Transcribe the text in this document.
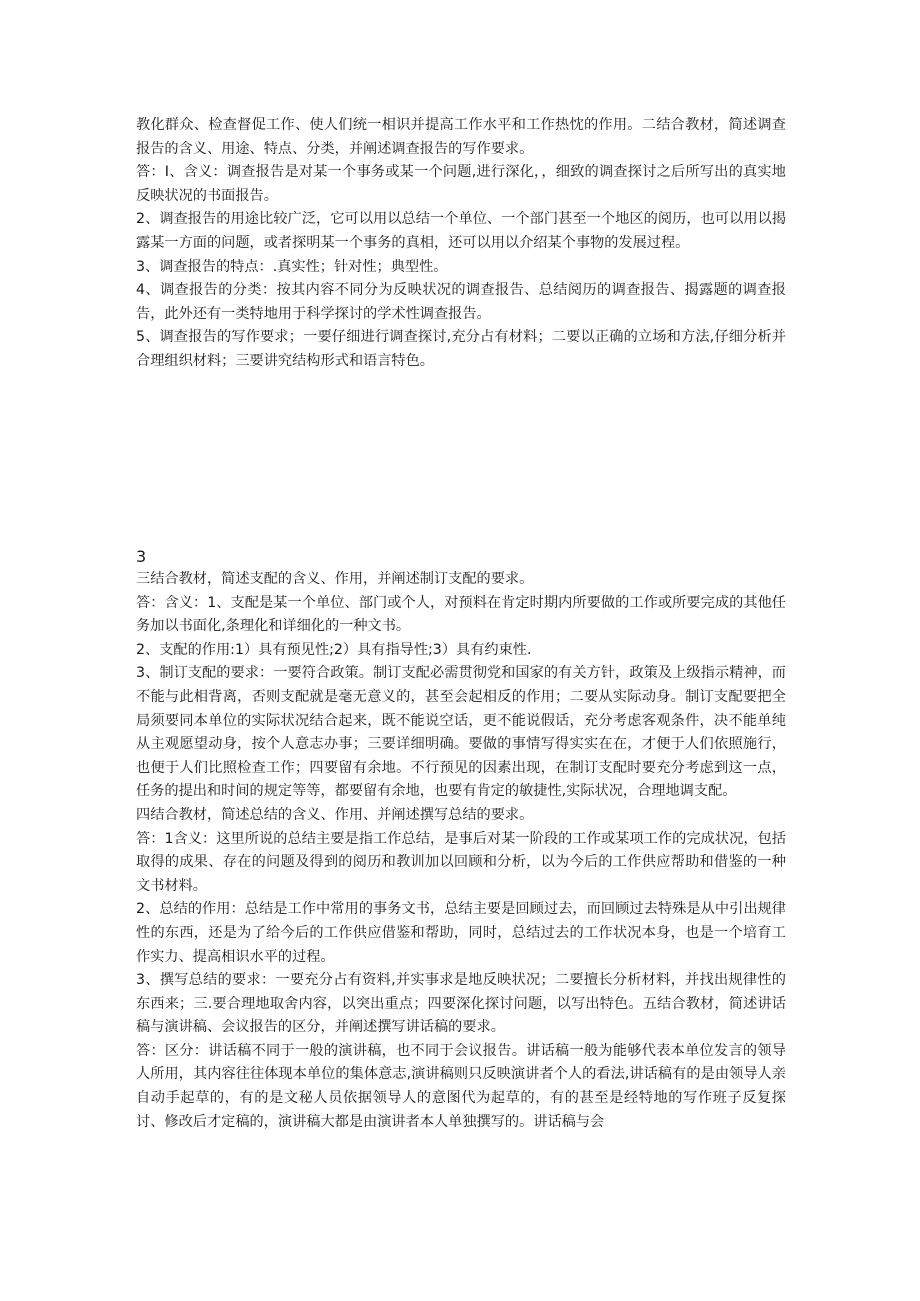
教化群众、检查督促工作、使人们统一相识并提高工作水平和工作热忱的作用。二结合教材，简述调查报告的含义、用途、特点、分类，并阐述调查报告的写作要求。

答：I、含义：调查报告是对某一个事务或某一个问题,进行深化，，细致的调查探讨之后所写出的真实地反映状况的书面报告。

2、调查报告的用途比较广泛，它可以用以总结一个单位、一个部门甚至一个地区的阅历，也可以用以揭露某一方面的问题，或者探明某一个事务的真相，还可以用以介绍某个事物的发展过程。

3、调查报告的特点：.真实性；针对性；典型性。

4、调查报告的分类：按其内容不同分为反映状况的调查报告、总结阅历的调查报告、揭露题的调查报告，此外还有一类特地用于科学探讨的学术性调查报告。

5、调查报告的写作要求；一要仔细进行调查探讨,充分占有材料；二要以正确的立场和方法,仔细分析并合理组织材料；三要讲究结构形式和语言特色。

3

三结合教材，简述支配的含义、作用，并阐述制订支配的要求。

答：含义：1、支配是某一个单位、部门或个人，对预料在肯定时期内所要做的工作或所要完成的其他任务加以书面化,条理化和详细化的一种文书。

2、支配的作用:1）具有预见性;2）具有指导性;3）具有约束性.

3、制订支配的要求：一要符合政策。制订支配必需贯彻党和国家的有关方针，政策及上级指示精神，而不能与此相背离，否则支配就是毫无意义的，甚至会起相反的作用；二要从实际动身。制订支配要把全局须要同本单位的实际状况结合起来，既不能说空话，更不能说假话，充分考虑客观条件，决不能单纯从主观愿望动身，按个人意志办事；三要详细明确。要做的事情写得实实在在，才便于人们依照施行，也便于人们比照检查工作；四要留有余地。不行预见的因素出现，在制订支配时要充分考虑到这一点，任务的提出和时间的规定等等，都要留有余地，也要有肯定的敏捷性,实际状况，合理地调支配。

四结合教材，简述总结的含义、作用、并阐述撰写总结的要求。

答：1含义：这里所说的总结主要是指工作总结，是事后对某一阶段的工作或某项工作的完成状况，包括取得的成果、存在的问题及得到的阅历和教训加以回顾和分析，以为今后的工作供应帮助和借鉴的一种文书材料。

2、总结的作用：总结是工作中常用的事务文书，总结主要是回顾过去，而回顾过去特殊是从中引出规律性的东西，还是为了给今后的工作供应借鉴和帮助，同时，总结过去的工作状况本身，也是一个培育工作实力、提高相识水平的过程。

3、撰写总结的要求：一要充分占有资料,并实事求是地反映状况；二要擅长分析材料，并找出规律性的东西来；三.要合理地取舍内容，以突出重点；四要深化探讨问题，以写出特色。五结合教材，简述讲话稿与演讲稿、会议报告的区分，并阐述撰写讲话稿的要求。

答：区分：讲话稿不同于一般的演讲稿，也不同于会议报告。讲话稿一般为能够代表本单位发言的领导人所用，其内容往往体现本单位的集体意志,演讲稿则只反映演讲者个人的看法,讲话稿有的是由领导人亲自动手起草的，有的是文秘人员依据领导人的意图代为起草的，有的甚至是经特地的写作班子反复探讨、修改后才定稿的，演讲稿大都是由演讲者本人单独撰写的。讲话稿与会
